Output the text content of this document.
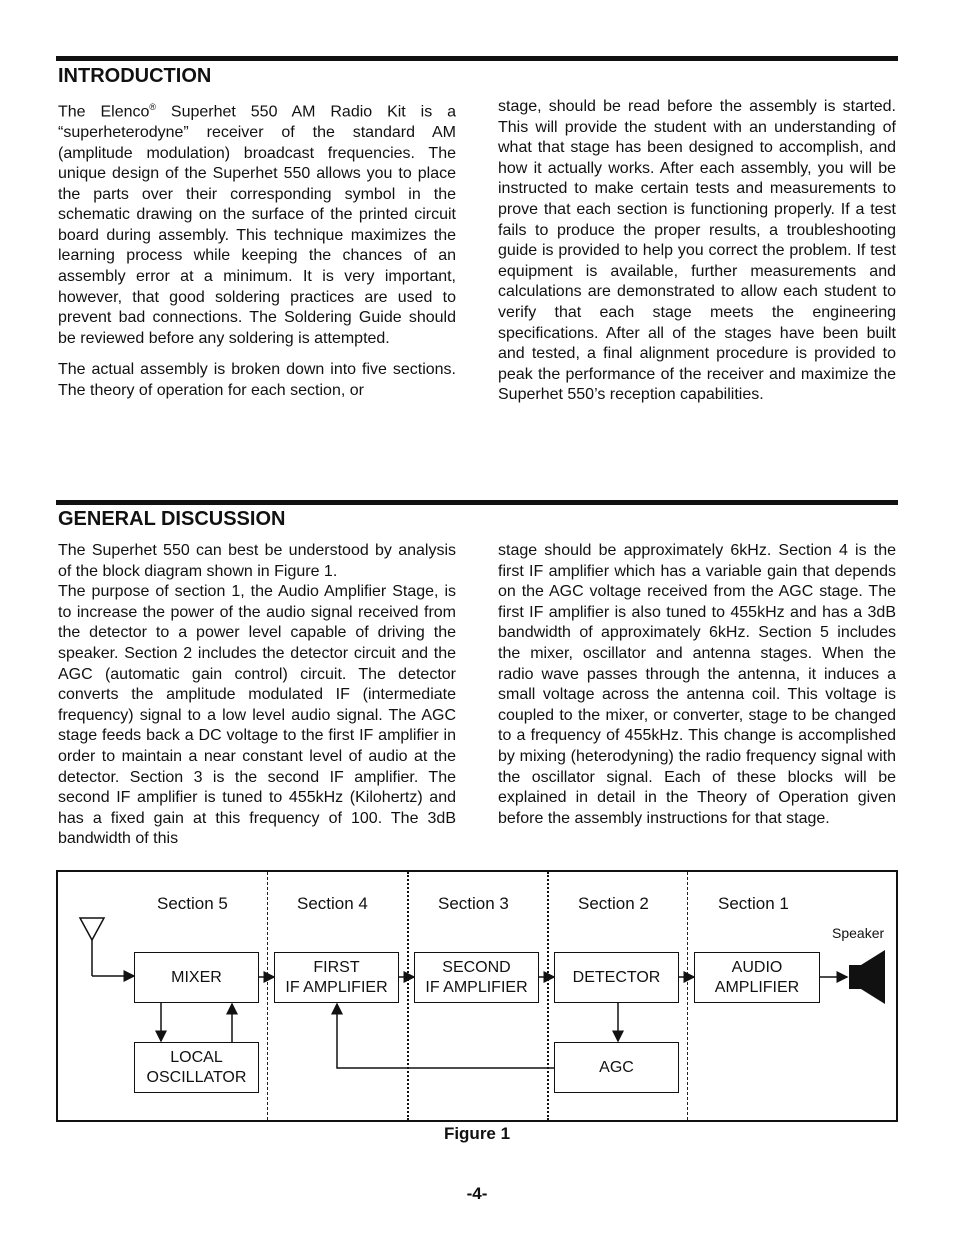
INTRODUCTION

The Elenco® Superhet 550 AM Radio Kit is a “superheterodyne” receiver of the standard AM (amplitude modulation) broadcast frequencies. The unique design of the Superhet 550 allows you to place the parts over their corresponding symbol in the schematic drawing on the surface of the printed circuit board during assembly. This technique maximizes the learning process while keeping the chances of an assembly error at a minimum. It is very important, however, that good soldering practices are used to prevent bad connections. The Soldering Guide should be reviewed before any soldering is attempted.

The actual assembly is broken down into five sections. The theory of operation for each section, or

stage, should be read before the assembly is started. This will provide the student with an understanding of what that stage has been designed to accomplish, and how it actually works. After each assembly, you will be instructed to make certain tests and measurements to prove that each section is functioning properly. If a test fails to produce the proper results, a troubleshooting guide is provided to help you correct the problem. If test equipment is available, further measurements and calculations are demonstrated to allow each student to verify that each stage meets the engineering specifications. After all of the stages have been built and tested, a final alignment procedure is provided to peak the performance of the receiver and maximize the Superhet 550’s reception capabilities.

GENERAL DISCUSSION

The Superhet 550 can best be understood by analysis of the block diagram shown in Figure 1.

The purpose of section 1, the Audio Amplifier Stage, is to increase the power of the audio signal received from the detector to a power level capable of driving the speaker. Section 2 includes the detector circuit and the AGC (automatic gain control) circuit. The detector converts the amplitude modulated IF (intermediate frequency) signal to a low level audio signal. The AGC stage feeds back a DC voltage to the first IF amplifier in order to maintain a near constant level of audio at the detector. Section 3 is the second IF amplifier. The second IF amplifier is tuned to 455kHz (Kilohertz) and has a fixed gain at this frequency of 100. The 3dB bandwidth of this

stage should be approximately 6kHz. Section 4 is the first IF amplifier which has a variable gain that depends on the AGC voltage received from the AGC stage. The first IF amplifier is also tuned to 455kHz and has a 3dB bandwidth of approximately 6kHz. Section 5 includes the mixer, oscillator and antenna stages. When the radio wave passes through the antenna, it induces a small voltage across the antenna coil. This voltage is coupled to the mixer, or converter, stage to be changed to a frequency of 455kHz. This change is accomplished by mixing (heterodyning) the radio frequency signal with the oscillator signal. Each of these blocks will be explained in detail in the Theory of Operation given before the assembly instructions for that stage.

Section 5	Section 4	Section 3	Section 2	Section 1
Speaker
MIXER
FIRST
IF AMPLIFIER
SECOND
IF AMPLIFIER
DETECTOR
AUDIO
AMPLIFIER
LOCAL
OSCILLATOR
AGC
Figure 1
-4-
